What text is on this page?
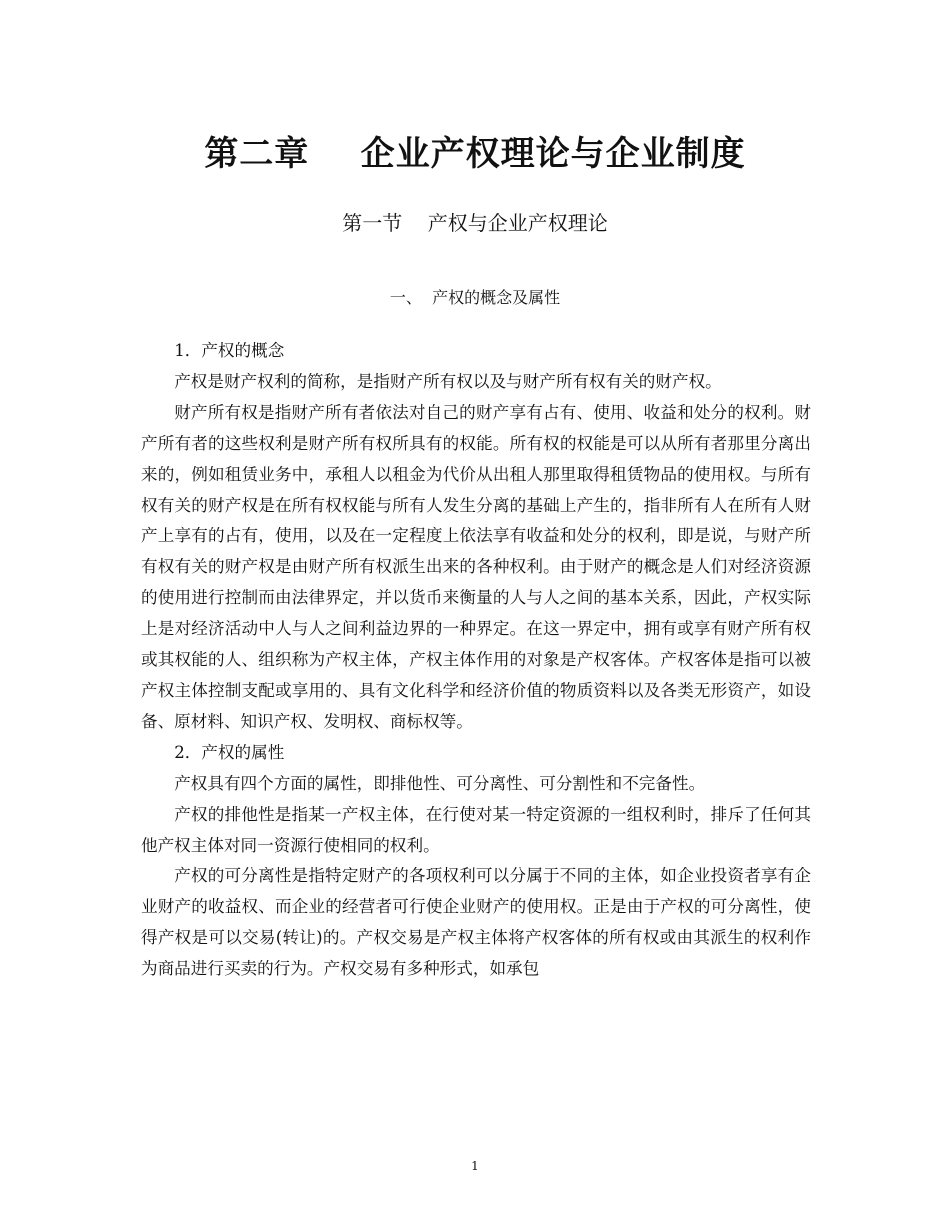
第二章    企业产权理论与企业制度
第一节    产权与企业产权理论
一、  产权的概念及属性

1．产权的概念

产权是财产权利的简称，是指财产所有权以及与财产所有权有关的财产权。

财产所有权是指财产所有者依法对自己的财产享有占有、使用、收益和处分的权利。财产所有者的这些权利是财产所有权所具有的权能。所有权的权能是可以从所有者那里分离出来的，例如租赁业务中，承租人以租金为代价从出租人那里取得租赁物品的使用权。与所有权有关的财产权是在所有权权能与所有人发生分离的基础上产生的，指非所有人在所有人财产上享有的占有，使用，以及在一定程度上依法享有收益和处分的权利，即是说，与财产所有权有关的财产权是由财产所有权派生出来的各种权利。由于财产的概念是人们对经济资源的使用进行控制而由法律界定，并以货币来衡量的人与人之间的基本关系，因此，产权实际上是对经济活动中人与人之间利益边界的一种界定。在这一界定中，拥有或享有财产所有权或其权能的人、组织称为产权主体，产权主体作用的对象是产权客体。产权客体是指可以被产权主体控制支配或享用的、具有文化科学和经济价值的物质资料以及各类无形资产，如设备、原材料、知识产权、发明权、商标权等。

2．产权的属性

产权具有四个方面的属性，即排他性、可分离性、可分割性和不完备性。

产权的排他性是指某一产权主体，在行使对某一特定资源的一组权利时，排斥了任何其他产权主体对同一资源行使相同的权利。

产权的可分离性是指特定财产的各项权利可以分属于不同的主体，如企业投资者享有企业财产的收益权、而企业的经营者可行使企业财产的使用权。正是由于产权的可分离性，使得产权是可以交易(转让)的。产权交易是产权主体将产权客体的所有权或由其派生的权利作为商品进行买卖的行为。产权交易有多种形式，如承包

1
